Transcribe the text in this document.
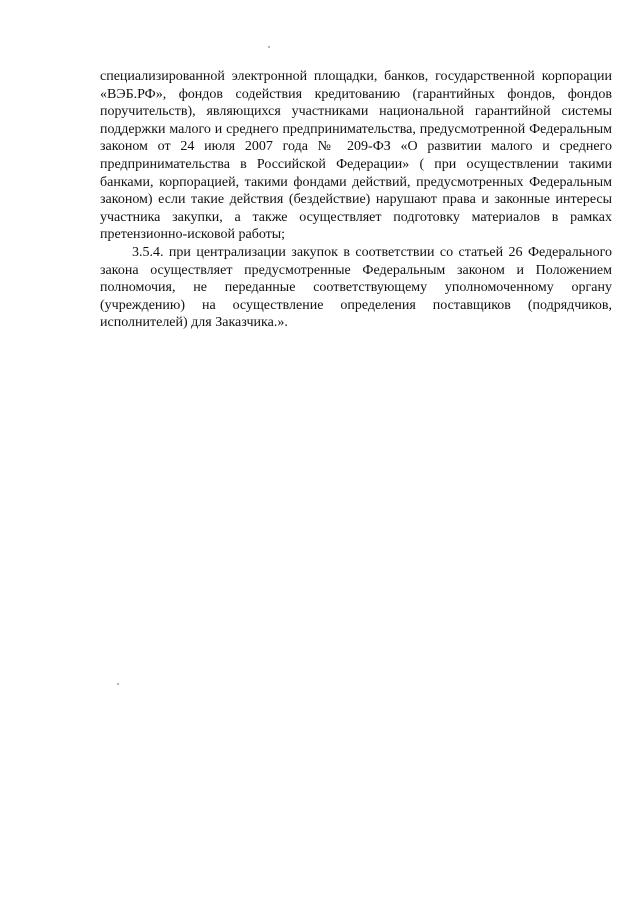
специализированной электронной площадки, банков, государственной корпорации «ВЭБ.РФ», фондов содействия кредитованию (гарантийных фондов, фондов поручительств), являющихся участниками национальной гарантийной системы поддержки малого и среднего предпринимательства, предусмотренной Федеральным законом от 24 июля 2007 года № 209-ФЗ «О развитии малого и среднего предпринимательства в Российской Федерации» ( при осуществлении такими банками, корпорацией, такими фондами действий, предусмотренных Федеральным законом) если такие действия (бездействие) нарушают права и законные интересы участника закупки, а также осуществляет подготовку материалов в рамках претензионно-исковой работы;

3.5.4. при централизации закупок в соответствии со статьей 26 Федерального закона осуществляет предусмотренные Федеральным законом и Положением полномочия, не переданные соответствующему уполномоченному органу (учреждению) на осуществление определения поставщиков (подрядчиков, исполнителей) для Заказчика.».
